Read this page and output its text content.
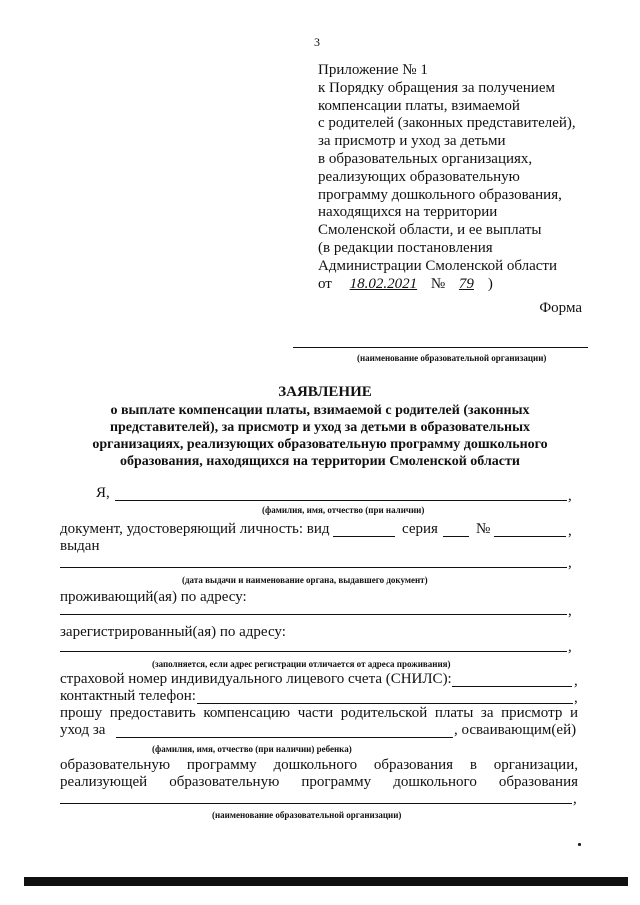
3
Приложение № 1
к Порядку обращения за получением
компенсации платы, взимаемой
с родителей (законных представителей),
за присмотр и уход за детьми
в образовательных организациях,
реализующих образовательную
программу дошкольного образования,
находящихся на территории
Смоленской области, и ее выплаты
(в редакции постановления
Администрации Смоленской области
от 18.02.2021 № 79 )
Форма
(наименование образовательной организации)
ЗАЯВЛЕНИЕ
о выплате компенсации платы, взимаемой с родителей (законных
представителей), за присмотр и уход за детьми в образовательных
организациях, реализующих образовательную программу дошкольного
образования, находящихся на территории Смоленской области
Я,	,
(фамилия, имя, отчество (при наличии)
документ, удостоверяющий личность: вид	серия	№	,
выдан
,
(дата выдачи и наименование органа, выдавшего документ)
проживающий(ая) по адресу:
,
зарегистрированный(ая) по адресу:
,
(заполняется, если адрес регистрации отличается от адреса проживания)
страховой номер индивидуального лицевого счета (СНИЛС):	,
контактный телефон:	,
прошу предоставить компенсацию части родительской платы за присмотр и
уход за	, осваивающим(ей)
(фамилия, имя, отчество (при наличии) ребенка)
образовательную программу дошкольного образования в организации,
реализующей образовательную программу дошкольного образования
,
(наименование образовательной организации)
